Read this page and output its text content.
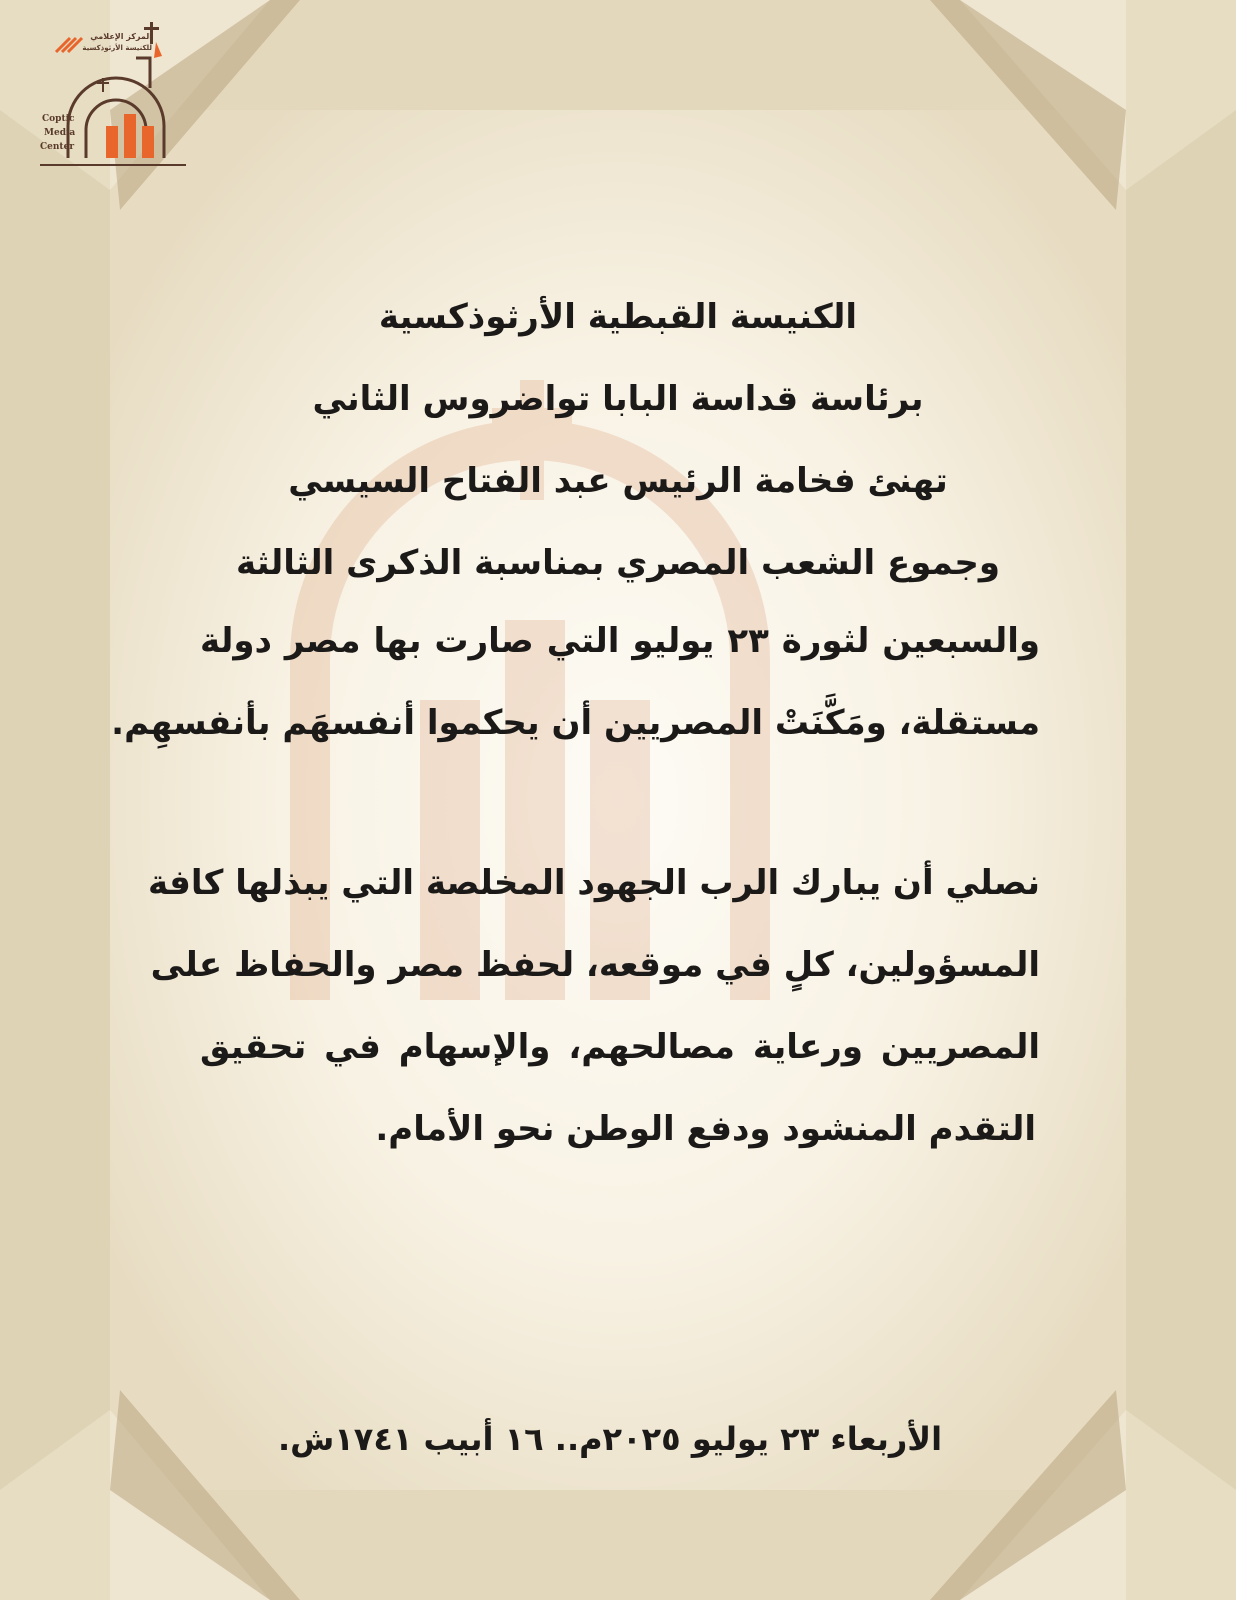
المركز الإعلامي
للكنيسة الأرثوذكسية
Coptic
Media
Center
الكنيسة القبطية الأرثوذكسية
برئاسة قداسة البابا تواضروس الثاني
تهنئ فخامة الرئيس عبد الفتاح السيسي
وجموع الشعب المصري بمناسبة الذكرى الثالثة
والسبعين لثورة ٢٣ يوليو التي صارت بها مصر دولة
مستقلة، ومَكَّنَتْ المصريين أن يحكموا أنفسهَم بأنفسهِم.
نصلي أن يبارك الرب الجهود المخلصة التي يبذلها كافة
المسؤولين، كلٍ في موقعه، لحفظ مصر والحفاظ على
المصريين ورعاية مصالحهم، والإسهام في تحقيق
التقدم المنشود ودفع الوطن نحو الأمام.
الأربعاء ٢٣ يوليو ٢٠٢٥م.. ١٦ أبيب ١٧٤١ش.
